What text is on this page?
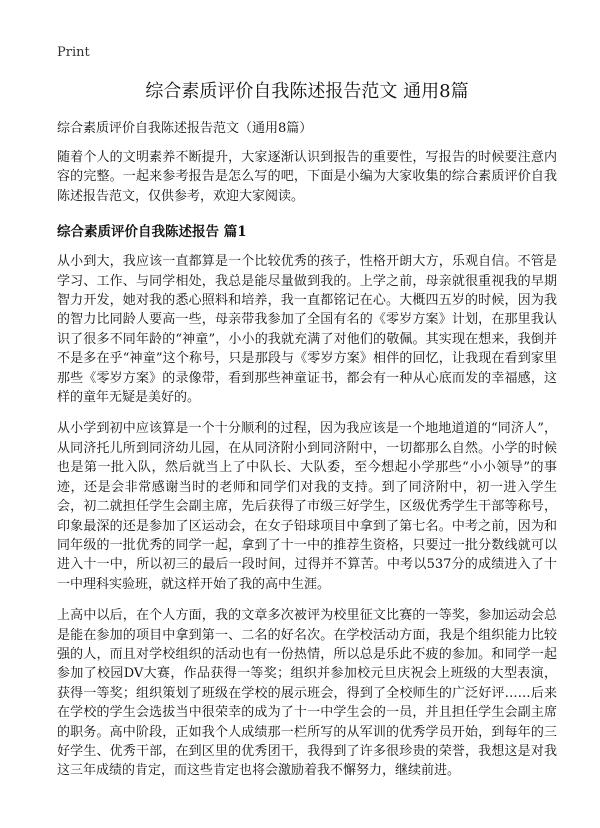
Print
综合素质评价自我陈述报告范文 通用8篇
综合素质评价自我陈述报告范文（通用8篇）

随着个人的文明素养不断提升，大家逐渐认识到报告的重要性，写报告的时候要注意内容的完整。一起来参考报告是怎么写的吧，下面是小编为大家收集的综合素质评价自我陈述报告范文，仅供参考，欢迎大家阅读。

综合素质评价自我陈述报告 篇1

从小到大，我应该一直都算是一个比较优秀的孩子，性格开朗大方，乐观自信。不管是学习、工作、与同学相处，我总是能尽量做到我的。上学之前，母亲就很重视我的早期智力开发，她对我的悉心照料和培养，我一直都铭记在心。大概四五岁的时候，因为我的智力比同龄人要高一些，母亲带我参加了全国有名的《零岁方案》计划，在那里我认识了很多不同年龄的“神童”，小小的我就充满了对他们的敬佩。其实现在想来，我倒并不是多在乎“神童”这个称号，只是那段与《零岁方案》相伴的回忆，让我现在看到家里那些《零岁方案》的录像带，看到那些神童证书，都会有一种从心底而发的幸福感，这样的童年无疑是美好的。

从小学到初中应该算是一个十分顺利的过程，因为我应该是一个地地道道的“同济人”，从同济托儿所到同济幼儿园，在从同济附小到同济附中，一切都那么自然。小学的时候也是第一批入队，然后就当上了中队长、大队委，至今想起小学那些“小小领导”的事迹，还是会非常感谢当时的老师和同学们对我的支持。到了同济附中，初一进入学生会，初二就担任学生会副主席，先后获得了市级三好学生，区级优秀学生干部等称号，印象最深的还是参加了区运动会，在女子铅球项目中拿到了第七名。中考之前，因为和同年级的一批优秀的同学一起，拿到了十一中的推荐生资格，只要过一批分数线就可以进入十一中，所以初三的最后一段时间，过得并不算苦。中考以537分的成绩进入了十一中理科实验班，就这样开始了我的高中生涯。

上高中以后，在个人方面，我的文章多次被评为校里征文比赛的一等奖，参加运动会总是能在参加的项目中拿到第一、二名的好名次。在学校活动方面，我是个组织能力比较强的人，而且对学校组织的活动也有一份热情，所以总是乐此不疲的参加。和同学一起参加了校园DV大赛，作品获得一等奖；组织并参加校元旦庆祝会上班级的大型表演，获得一等奖；组织策划了班级在学校的展示班会，得到了全校师生的广泛好评……后来在学校的学生会选拔当中很荣幸的成为了十一中学生会的一员，并且担任学生会副主席的职务。高中阶段，正如我个人成绩那一栏所写的从军训的优秀学员开始，到每年的三好学生、优秀干部，在到区里的优秀团干，我得到了许多很珍贵的荣誉，我想这是对我这三年成绩的肯定，而这些肯定也将会激励着我不懈努力，继续前进。
